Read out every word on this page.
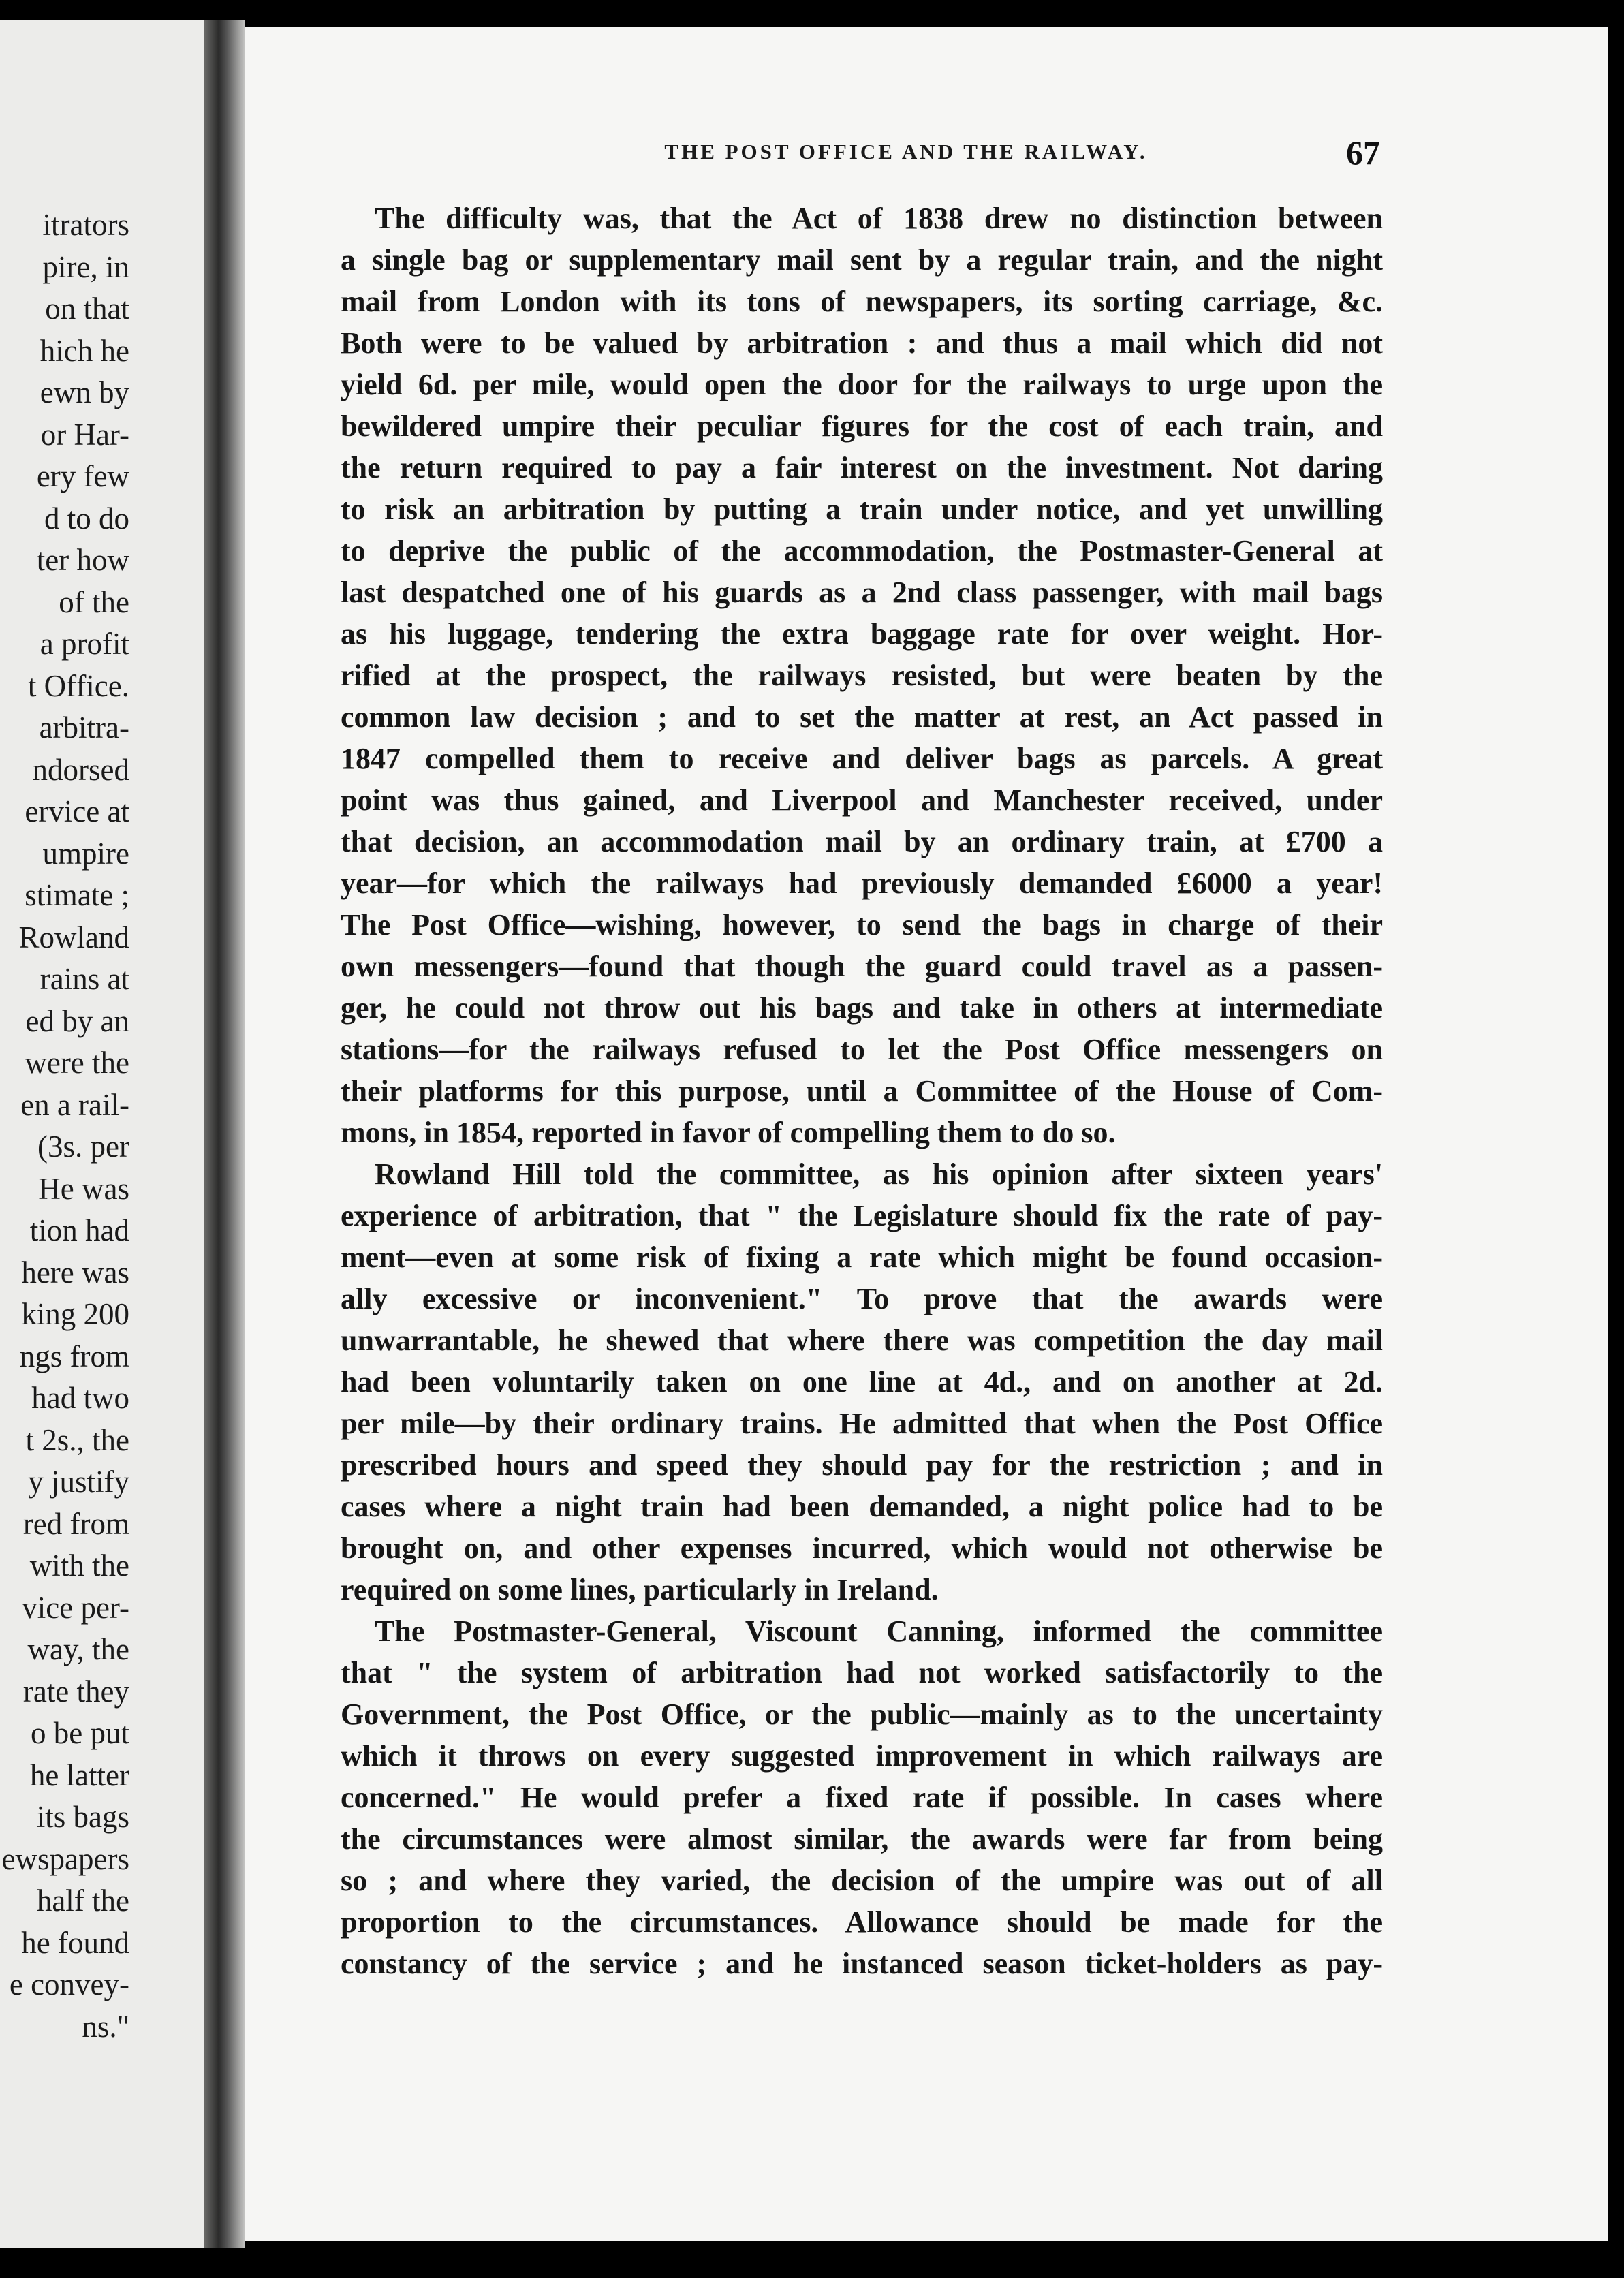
itrators
pire, in
on that
hich he
ewn by
or Har-
ery few
d to do
ter how
of the
a profit
t Office.
arbitra-
ndorsed
ervice at
umpire
stimate ;
Rowland
rains at
ed by an
were the
en a rail-
(3s. per
He was
tion had
here was
king 200
ngs from
had two
t 2s., the
y justify
red from
with the
vice per-
way, the
rate they
o be put
he latter
its bags
ewspapers
half the
he found
e convey-
ns."
THE POST OFFICE AND THE RAILWAY.	67
The difficulty was, that the Act of 1838 drew no distinction between
a single bag or supplementary mail sent by a regular train, and the night
mail from London with its tons of newspapers, its sorting carriage, &c.
Both were to be valued by arbitration : and thus a mail which did not
yield 6d. per mile, would open the door for the railways to urge upon the
bewildered umpire their peculiar figures for the cost of each train, and
the return required to pay a fair interest on the investment. Not daring
to risk an arbitration by putting a train under notice, and yet unwilling
to deprive the public of the accommodation, the Postmaster-General at
last despatched one of his guards as a 2nd class passenger, with mail bags
as his luggage, tendering the extra baggage rate for over weight. Hor-
rified at the prospect, the railways resisted, but were beaten by the
common law decision ; and to set the matter at rest, an Act passed in
1847 compelled them to receive and deliver bags as parcels. A great
point was thus gained, and Liverpool and Manchester received, under
that decision, an accommodation mail by an ordinary train, at £700 a
year—for which the railways had previously demanded £6000 a year!
The Post Office—wishing, however, to send the bags in charge of their
own messengers—found that though the guard could travel as a passen-
ger, he could not throw out his bags and take in others at intermediate
stations—for the railways refused to let the Post Office messengers on
their platforms for this purpose, until a Committee of the House of Com-
mons, in 1854, reported in favor of compelling them to do so.
Rowland Hill told the committee, as his opinion after sixteen years'
experience of arbitration, that " the Legislature should fix the rate of pay-
ment—even at some risk of fixing a rate which might be found occasion-
ally excessive or inconvenient." To prove that the awards were
unwarrantable, he shewed that where there was competition the day mail
had been voluntarily taken on one line at 4d., and on another at 2d.
per mile—by their ordinary trains. He admitted that when the Post Office
prescribed hours and speed they should pay for the restriction ; and in
cases where a night train had been demanded, a night police had to be
brought on, and other expenses incurred, which would not otherwise be
required on some lines, particularly in Ireland.
The Postmaster-General, Viscount Canning, informed the committee
that " the system of arbitration had not worked satisfactorily to the
Government, the Post Office, or the public—mainly as to the uncertainty
which it throws on every suggested improvement in which railways are
concerned." He would prefer a fixed rate if possible. In cases where
the circumstances were almost similar, the awards were far from being
so ; and where they varied, the decision of the umpire was out of all
proportion to the circumstances. Allowance should be made for the
constancy of the service ; and he instanced season ticket-holders as pay-
